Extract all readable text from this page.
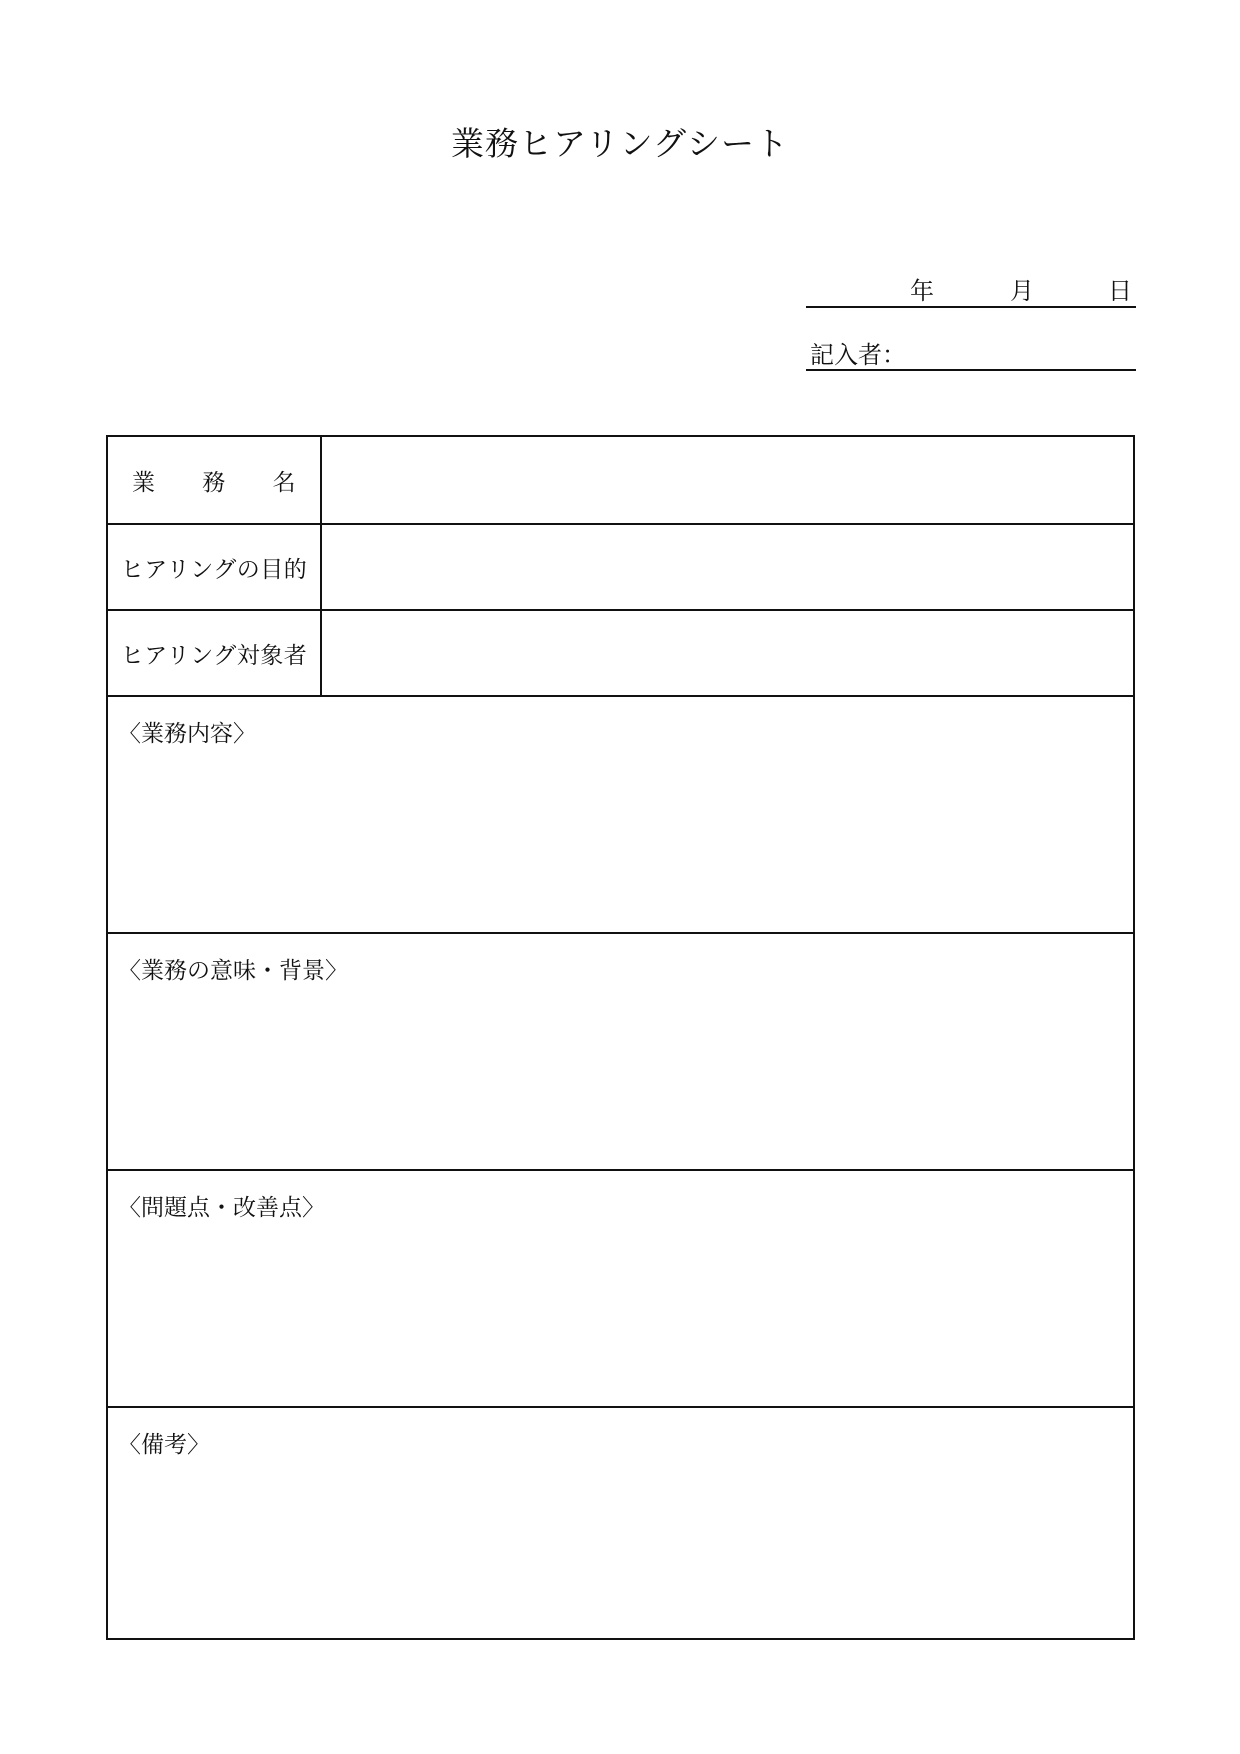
業務ヒアリングシート
年	月	日
記入者：
業 務 名
ヒアリングの目的
ヒアリング対象者
〈業務内容〉
〈業務の意味・背景〉
〈問題点・改善点〉
〈備考〉
